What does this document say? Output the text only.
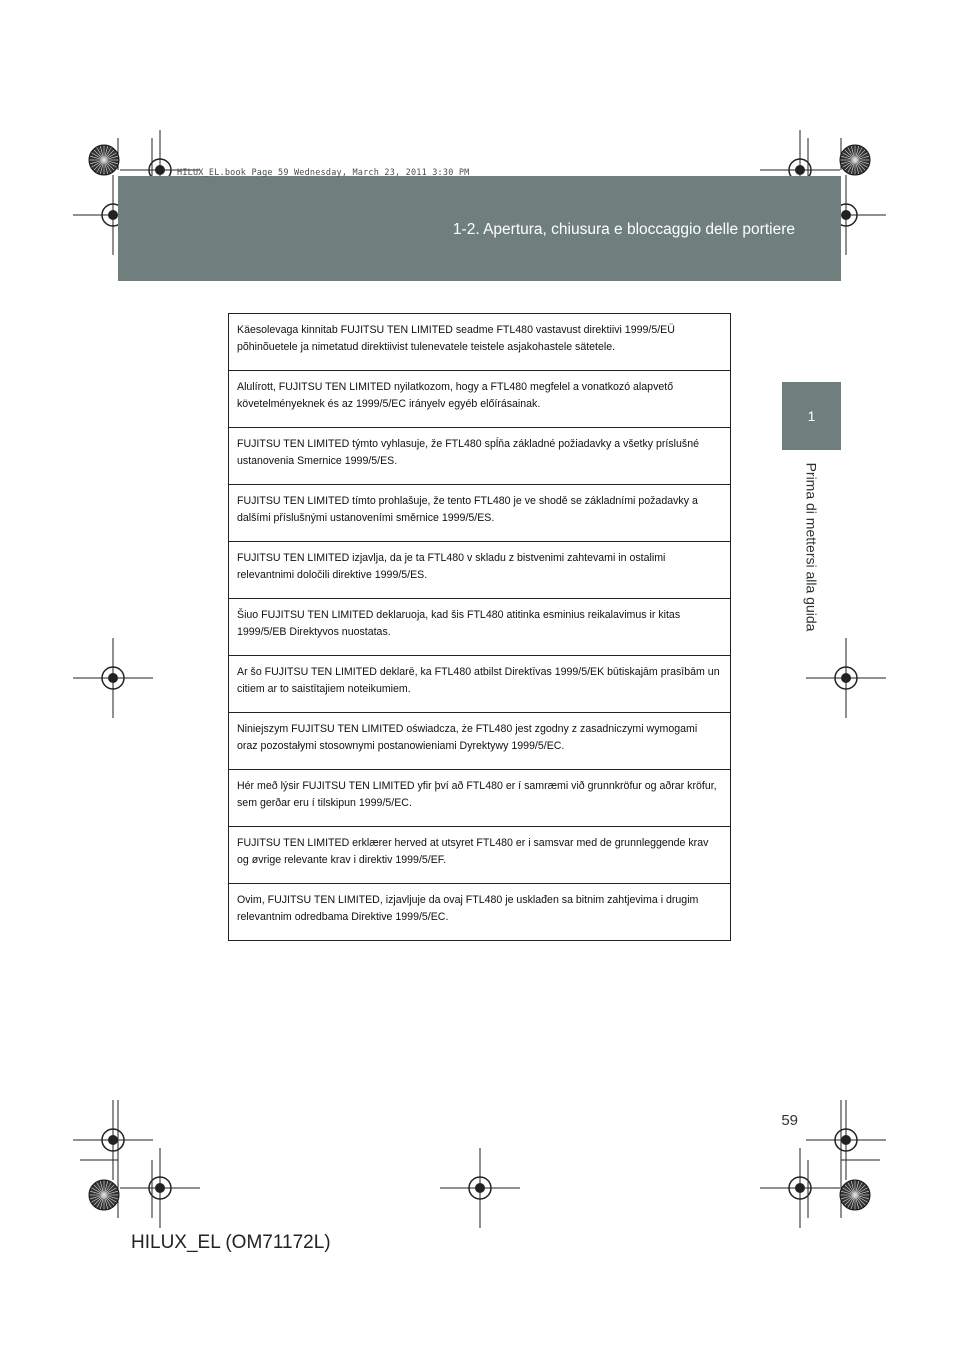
1-2. Apertura, chiusura e bloccaggio delle portiere
HILUX_EL.book Page 59 Wednesday, March 23, 2011 3:30 PM
1
Prima di mettersi alla guida
Käesolevaga kinnitab FUJITSU TEN LIMITED seadme FTL480 vastavust direktiivi 1999/5/EÜ põhinõuetele ja nimetatud direktiivist tulenevatele teistele asjakohastele sätetele.
Alulírott, FUJITSU TEN LIMITED nyilatkozom, hogy a FTL480 megfelel a vonatkozó alapvető követelményeknek és az 1999/5/EC irányelv egyéb előírásainak.
FUJITSU TEN LIMITED týmto vyhlasuje, že FTL480 spĺňa základné požiadavky a všetky príslušné ustanovenia Smernice 1999/5/ES.
FUJITSU TEN LIMITED tímto prohlašuje, že tento FTL480 je ve shodě se základními požadavky a dalšími příslušnými ustanoveními směrnice 1999/5/ES.
FUJITSU TEN LIMITED izjavlja, da je ta FTL480 v skladu z bistvenimi zahtevami in ostalimi relevantnimi določili direktive 1999/5/ES.
Šiuo FUJITSU TEN LIMITED deklaruoja, kad šis FTL480 atitinka esminius reikalavimus ir kitas 1999/5/EB Direktyvos nuostatas.
Ar šo FUJITSU TEN LIMITED deklarē, ka FTL480 atbilst Direktīvas 1999/5/EK būtiskajām prasībām un citiem ar to saistītajiem noteikumiem.
Niniejszym FUJITSU TEN LIMITED oświadcza, że FTL480 jest zgodny z zasadniczymi wymogami oraz pozostałymi stosownymi postanowieniami Dyrektywy 1999/5/EC.
Hér með lýsir FUJITSU TEN LIMITED yfir því að FTL480 er í samræmi við grunnkröfur og aðrar kröfur, sem gerðar eru í tilskipun 1999/5/EC.
FUJITSU TEN LIMITED erklærer herved at utsyret FTL480 er i samsvar med de grunnleggende krav og øvrige relevante krav i direktiv 1999/5/EF.
Ovim, FUJITSU TEN LIMITED, izjavljuje da ovaj FTL480 je usklađen sa bitnim zahtjevima i drugim relevantnim odredbama Direktive 1999/5/EC.
59
HILUX_EL (OM71172L)
